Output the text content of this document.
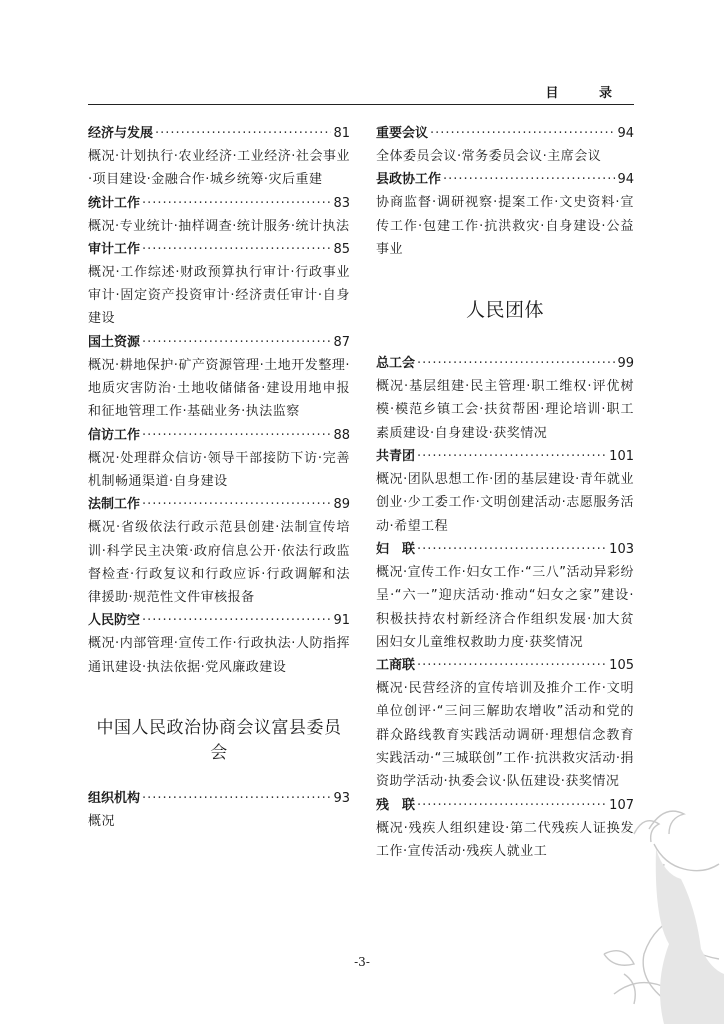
目 录
经济与发展 ·····	81
概况·计划执行·农业经济·工业经济·社会事业·项目建设·金融合作·城乡统筹·灾后重建
统计工作 ·····	83
概况·专业统计·抽样调查·统计服务·统计执法
审计工作 ·····	85
概况·工作综述·财政预算执行审计·行政事业审计·固定资产投资审计·经济责任审计·自身建设
国土资源 ·····	87
概况·耕地保护·矿产资源管理·土地开发整理·地质灾害防治·土地收储储备·建设用地申报和征地管理工作·基础业务·执法监察
信访工作 ·····	88
概况·处理群众信访·领导干部接防下访·完善机制畅通渠道·自身建设
法制工作 ·····	89
概况·省级依法行政示范县创建·法制宣传培训·科学民主决策·政府信息公开·依法行政监督检查·行政复议和行政应诉·行政调解和法律援助·规范性文件审核报备
人民防空 ·····	91
概况·内部管理·宣传工作·行政执法·人防指挥通讯建设·执法依据·党风廉政建设
中国人民政治协商会议富县委员会
组织机构 ·····	93
概况
重要会议 ·····	94
全体委员会议·常务委员会议·主席会议
县政协工作 ·····	94
协商监督·调研视察·提案工作·文史资料·宣传工作·包建工作·抗洪救灾·自身建设·公益事业
人民团体
总工会 ·····	99
概况·基层组建·民主管理·职工维权·评优树模·模范乡镇工会·扶贫帮困·理论培训·职工素质建设·自身建设·获奖情况
共青团 ·····	101
概况·团队思想工作·团的基层建设·青年就业创业·少工委工作·文明创建活动·志愿服务活动·希望工程
妇　联 ·····	103
概况·宣传工作·妇女工作·“三八”活动异彩纷呈·“六一”迎庆活动·推动“妇女之家”建设·积极扶持农村新经济合作组织发展·加大贫困妇女儿童维权救助力度·获奖情况
工商联 ·····	105
概况·民营经济的宣传培训及推介工作·文明单位创评·“三问三解助农增收”活动和党的群众路线教育实践活动调研·理想信念教育实践活动·“三城联创”工作·抗洪救灾活动·捐资助学活动·执委会议·队伍建设·获奖情况
残　联 ·····	107
概况·残疾人组织建设·第二代残疾人证换发工作·宣传活动·残疾人就业工
-3-
